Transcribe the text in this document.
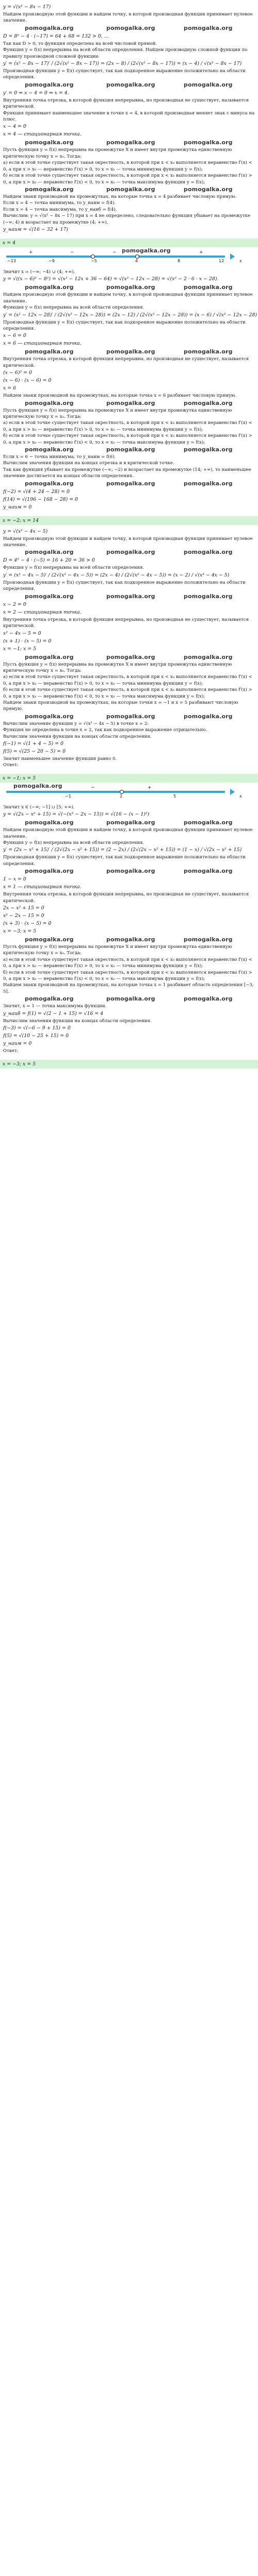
y = √(x² − 8x − 17)

Найдем производную этой функции и найдем точку, в которой производная функции принимает нулевое значение.

pomogalka.org	pomogalka.org	pomogalka.org

D = 8² − 4 · (−17) = 64 + 68 = 132 > 0, …

Так как D > 0, то функция определена на всей числовой прямой.

Функция y = f(x) непрерывна на всей области определения. Найдем производную сложной функции по правилу производной сложной функции:

y′ = (x² − 8x − 17)′ / (2√(x² − 8x − 17)) = (2x − 8) / (2√(x² − 8x − 17)) = (x − 4) / √(x² − 8x − 17)

Производная функции y = f(x) существует, так как подкоренное выражение положительно на области определения.

pomogalka.org	pomogalka.org	pomogalka.org

y′ = 0 ⇒ x − 4 = 0 ⇒ x = 4.

Внутренняя точка отрезка, в которой функция непрерывна, но производная не существует, называется критической.

Функция принимает наименьшее значение в точке x = 4, в которой производная меняет знак с минуса на плюс.

x − 4 = 0

x = 4 — стационарная точка.

pomogalka.org	pomogalka.org	pomogalka.org

Пусть функция y = f(x) непрерывна на промежутке X и имеет внутри промежутка единственную критическую точку x = x₀. Тогда:

а) если в этой точке существует такая окрестность, в которой при x < x₀ выполняется неравенство f′(x) < 0, а при x > x₀ — неравенство f′(x) > 0, то x = x₀ — точка минимума функции y = f(x);

б) если в этой точке существует такая окрестность, в которой при x < x₀ выполняется неравенство f′(x) > 0, а при x > x₀ — неравенство f′(x) < 0, то x = x₀ — точка максимума функции y = f(x);

pomogalka.org	pomogalka.org	pomogalka.org

Найдем знаки производной на промежутках, на которые точка x = 4 разбивает числовую прямую.

Если x = 4 − точка минимума, то y_наим = f(4).

Если x = 4 − точка максимума, то y_наиб = f(4).

Вычислим: y = √(x² − 8x − 17) при x = 4 не определено, следовательно функция убывает на промежутке (−∞; 4) и возрастает на промежутке (4; +∞).

y_наим = √(16 − 32 + 17)

x = 4
x
−13	−9	−5	4	8	12
+	−	−	+
pomogalka.org

Значит x = (−∞; −4) ∪ (4; +∞).

y = √((x − 6)² − 8²) = √(x² − 12x + 36 − 64) = √(x² − 12x − 28) = √(x² − 2 · 6 · x − 28).

pomogalka.org	pomogalka.org	pomogalka.org

Найдем производную этой функции и найдем точку, в которой производная функции принимает нулевое значение.

Функция y = f(x) непрерывна на всей области определения.

y′ = (x² − 12x − 28)′ / (2√(x² − 12x − 28)) = (2x − 12) / (2√(x² − 12x − 28)) = (x − 6) / √(x² − 12x − 28)

Производная функции y = f(x) существует, так как подкоренное выражение положительно на области определения.

x − 6 = 0

x = 6 — стационарная точка.

pomogalka.org	pomogalka.org	pomogalka.org

Внутренняя точка отрезка, в которой функция непрерывна, но производная не существует, называется критической.

(x − 6)² = 0

(x − 6) · (x − 6) = 0

x = 6

Найдем знаки производной на промежутках, на которые точка x = 6 разбивает числовую прямую.

pomogalka.org	pomogalka.org	pomogalka.org

Пусть функция y = f(x) непрерывна на промежутке X и имеет внутри промежутка единственную критическую точку x = x₀. Тогда:

а) если в этой точке существует такая окрестность, в которой при x < x₀ выполняется неравенство f′(x) < 0, а при x > x₀ — неравенство f′(x) > 0, то x = x₀ — точка минимума функции y = f(x);

б) если в этой точке существует такая окрестность, в которой при x < x₀ выполняется неравенство f′(x) > 0, а при x > x₀ — неравенство f′(x) < 0, то x = x₀ — точка максимума функции y = f(x);

pomogalka.org	pomogalka.org	pomogalka.org

Если x = 6 − точка минимума, то y_наим = f(6).

Вычислим значения функции на концах отрезка и в критической точке.

Так как функция убывает на промежутке (−∞; −2) и возрастает на промежутке (14; +∞), то наименьшее значение достигается на концах области определения.

pomogalka.org	pomogalka.org	pomogalka.org

f(−2) = √(4 + 24 − 28) = 0

f(14) = √(196 − 168 − 28) = 0

y_наим = 0

x = −2; x = 14

y = √(x² − 4x − 5)

Найдем производную этой функции и найдем точку, в которой производная функции принимает нулевое значение.

pomogalka.org	pomogalka.org	pomogalka.org

D = 4² − 4 · (−5) = 16 + 20 = 36 > 0

Функция y = f(x) непрерывна на всей области определения.

y′ = (x² − 4x − 5)′ / (2√(x² − 4x − 5)) = (2x − 4) / (2√(x² − 4x − 5)) = (x − 2) / √(x² − 4x − 5)

Производная функции y = f(x) существует, так как подкоренное выражение положительно на области определения.

pomogalka.org	pomogalka.org	pomogalka.org

x − 2 = 0

x = 2 — стационарная точка.

Внутренняя точка отрезка, в которой функция непрерывна, но производная не существует, называется критической.

x² − 4x − 5 = 0

(x + 1) · (x − 5) = 0

x = −1; x = 5

pomogalka.org	pomogalka.org	pomogalka.org

Пусть функция y = f(x) непрерывна на промежутке X и имеет внутри промежутка единственную критическую точку x = x₀. Тогда:

а) если в этой точке существует такая окрестность, в которой при x < x₀ выполняется неравенство f′(x) < 0, а при x > x₀ — неравенство f′(x) > 0, то x = x₀ — точка минимума функции y = f(x);

б) если в этой точке существует такая окрестность, в которой при x < x₀ выполняется неравенство f′(x) > 0, а при x > x₀ — неравенство f′(x) < 0, то x = x₀ — точка максимума функции y = f(x);

Найдем знаки производной на промежутках, на которые точки x = −1 и x = 5 разбивают числовую прямую.

pomogalka.org	pomogalka.org	pomogalka.org

Вычислим значение функции y = √(x² − 4x − 5) в точке x = 2:

Функция не определена в точке x = 2, так как подкоренное выражение отрицательно.

Вычислим значения функции на концах области определения.

f(−1) = √(1 + 4 − 5) = 0

f(5) = √(25 − 20 − 5) = 0

Значит наименьшее значение функции равно 0.

Ответ:

x = −1; x = 5
x
−1	2	5
−	+
pomogalka.org

Значит x ∈ (−∞; −1] ∪ [5; +∞).

y = √(2x − x² + 15) = √(−(x² − 2x − 15)) = √(16 − (x − 1)²)

pomogalka.org	pomogalka.org	pomogalka.org

Найдем производную этой функции и найдем точку, в которой производная функции принимает нулевое значение.

Функция y = f(x) непрерывна на всей области определения.

y′ = (2x − x² + 15)′ / (2√(2x − x² + 15)) = (2 − 2x) / (2√(2x − x² + 15)) = (1 − x) / √(2x − x² + 15)

Производная функции y = f(x) существует, так как подкоренное выражение положительно на области определения.

pomogalka.org	pomogalka.org	pomogalka.org

1 − x = 0

x = 1 — стационарная точка.

Внутренняя точка отрезка, в которой функция непрерывна, но производная не существует, называется критической.

2x − x² + 15 = 0

x² − 2x − 15 = 0

(x + 3) · (x − 5) = 0

x = −3; x = 5

pomogalka.org	pomogalka.org	pomogalka.org

Пусть функция y = f(x) непрерывна на промежутке X и имеет внутри промежутка единственную критическую точку x = x₀. Тогда:

а) если в этой точке существует такая окрестность, в которой при x < x₀ выполняется неравенство f′(x) < 0, а при x > x₀ — неравенство f′(x) > 0, то x = x₀ — точка минимума функции y = f(x);

б) если в этой точке существует такая окрестность, в которой при x < x₀ выполняется неравенство f′(x) > 0, а при x > x₀ — неравенство f′(x) < 0, то x = x₀ — точка максимума функции y = f(x);

Найдем знаки производной на промежутках, на которые точка x = 1 разбивает область определения [−3; 5].

pomogalka.org	pomogalka.org	pomogalka.org

Значит, x = 1 — точка максимума функции.

y_наиб = f(1) = √(2 − 1 + 15) = √16 = 4

Вычислим значения функции на концах области определения.

f(−3) = √(−6 − 9 + 15) = 0

f(5) = √(10 − 25 + 15) = 0

y_наим = 0

Ответ:

x = −3; x = 5
